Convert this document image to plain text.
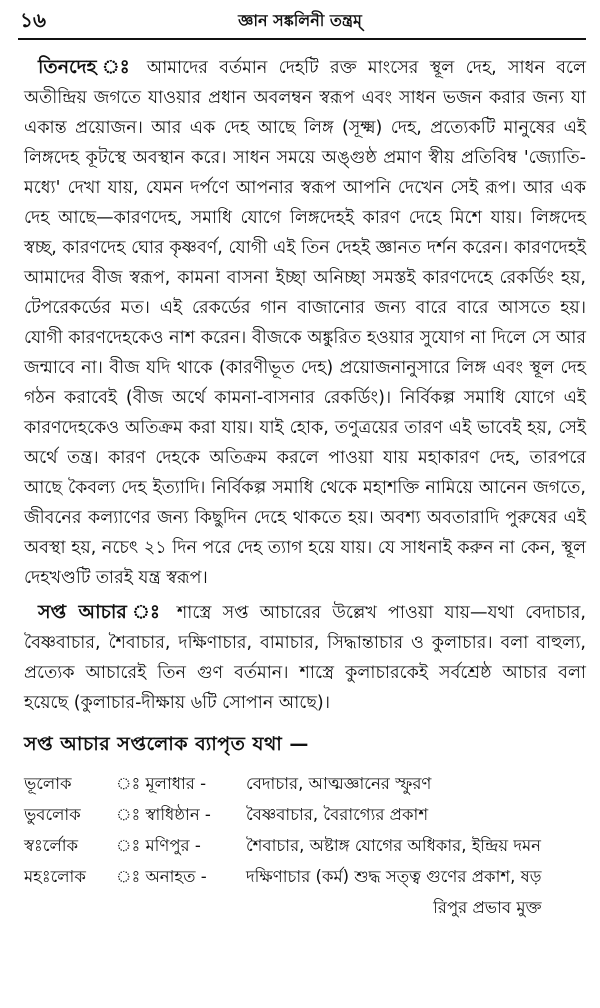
১৬	জ্ঞান সঙ্কলিনী তন্ত্রম্

তিনদেহ ঃ আমাদের বর্তমান দেহটি রক্ত মাংসের স্থূল দেহ, সাধন বলে অতীন্দ্রিয় জগতে যাওয়ার প্রধান অবলম্বন স্বরূপ এবং সাধন ভজন করার জন্য যা একান্ত প্রয়োজন। আর এক দেহ আছে লিঙ্গ (সূক্ষ্ম) দেহ, প্রত্যেকটি মানুষের এই লিঙ্গদেহ কূটস্থে অবস্থান করে। সাধন সময়ে অঙ্গুষ্ঠ প্রমাণ স্বীয় প্রতিবিম্ব 'জ্যোতি-মধ্যে' দেখা যায়, যেমন দর্পণে আপনার স্বরূপ আপনি দেখেন সেই রূপ। আর এক দেহ আছে—কারণদেহ, সমাধি যোগে লিঙ্গদেহই কারণ দেহে মিশে যায়। লিঙ্গদেহ স্বচ্ছ, কারণদেহ ঘোর কৃষ্ণবর্ণ, যোগী এই তিন দেহই জ্ঞানত দর্শন করেন। কারণদেহই আমাদের বীজ স্বরূপ, কামনা বাসনা ইচ্ছা অনিচ্ছা সমস্তই কারণদেহে রেকর্ডিং হয়, টেপরেকর্ডের মত। এই রেকর্ডের গান বাজানোর জন্য বারে বারে আসতে হয়। যোগী কারণদেহকেও নাশ করেন। বীজকে অঙ্কুরিত হওয়ার সুযোগ না দিলে সে আর জন্মাবে না। বীজ যদি থাকে (কারণীভূত দেহ) প্রয়োজনানুসারে লিঙ্গ এবং স্থূল দেহ গঠন করাবেই (বীজ অর্থে কামনা-বাসনার রেকর্ডিং)। নির্বিকল্প সমাধি যোগে এই কারণদেহকেও অতিক্রম করা যায়। যাই হোক, তণুত্রয়ের তারণ এই ভাবেই হয়, সেই অর্থে তন্ত্র। কারণ দেহকে অতিক্রম করলে পাওয়া যায় মহাকারণ দেহ, তারপরে আছে কৈবল্য দেহ ইত্যাদি। নির্বিকল্প সমাধি থেকে মহাশক্তি নামিয়ে আনেন জগতে, জীবনের কল্যাণের জন্য কিছুদিন দেহে থাকতে হয়। অবশ্য অবতারাদি পুরুষের এই অবস্থা হয়, নচেৎ ২১ দিন পরে দেহ ত্যাগ হয়ে যায়। যে সাধনাই করুন না কেন, স্থূল দেহখণ্ডটি তারই যন্ত্র স্বরূপ।

সপ্ত আচার ঃ শাস্ত্রে সপ্ত আচারের উল্লেখ পাওয়া যায়—যথা বেদাচার, বৈষ্ণবাচার, শৈবাচার, দক্ষিণাচার, বামাচার, সিদ্ধান্তাচার ও কুলাচার। বলা বাহুল্য, প্রত্যেক আচারেই তিন গুণ বর্তমান। শাস্ত্রে কুলাচারকেই সর্বশ্রেষ্ঠ আচার বলা হয়েছে (কুলাচার-দীক্ষায় ৬টি সোপান আছে)।

সপ্ত আচার সপ্তলোক ব্যাপৃত যথা —
ভূলোক	ঃ মূলাধার -	বেদাচার, আত্মজ্ঞানের স্ফুরণ
ভুবলোক	ঃ স্বাধিষ্ঠান -	বৈষ্ণবাচার, বৈরাগ্যের প্রকাশ
স্বঃর্লোক	ঃ মণিপুর -	শৈবাচার, অষ্টাঙ্গ যোগের অধিকার, ইন্দ্রিয় দমন
মহঃলোক	ঃ অনাহত -	দক্ষিণাচার (কর্ম) শুদ্ধ সত্ত্ব গুণের প্রকাশ, ষড়
রিপুর প্রভাব মুক্ত		
